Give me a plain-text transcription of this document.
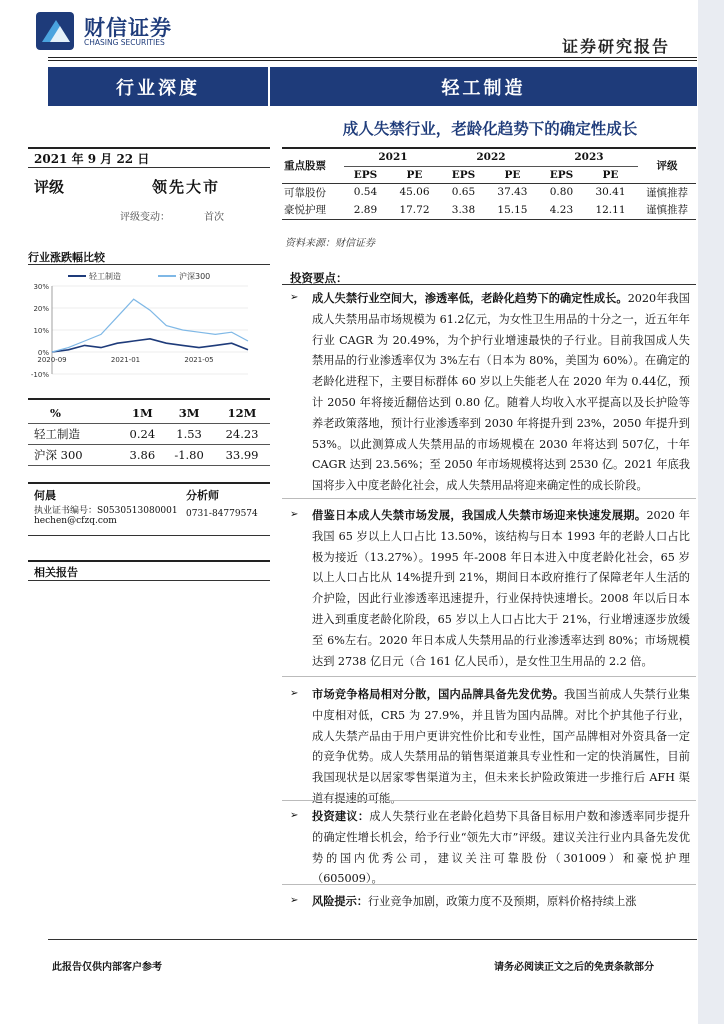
财信证券
CHASING SECURITIES	证券研究报告
行业深度	轻工制造
成人失禁行业，老龄化趋势下的确定性成长
2021 年 9 月 22 日
评级	领先大市
评级变动：	首次
行业涨跌幅比较
30%
20%
10%
0%
-10%
2020-09	2021-01	2021-05
轻工制造	沪深300
%	1M	3M	12M
轻工制造	0.24	1.53	24.23
沪深 300	3.86	-1.80	33.99
何晨	分析师
执业证书编号：S0530513080001 0731-84779574
hechen@cfzq.com
相关报告
重点股票	2021		2022		2023		评级
	EPS	PE	EPS	PE	EPS	PE	
可靠股份	0.54	45.06	0.65	37.43	0.80	30.41	谨慎推荐
豪悦护理	2.89	17.72	3.38	15.15	4.23	12.11	谨慎推荐
资料来源：财信证券
投资要点：
➢ 成人失禁行业空间大，渗透率低，老龄化趋势下的确定性成长。2020年我国成人失禁用品市场规模为 61.2亿元，为女性卫生用品的十分之一，近五年年行业 CAGR 为 20.49%，为个护行业增速最快的子行业。目前我国成人失禁用品的行业渗透率仅为 3%左右（日本为 80%，美国为 60%）。在确定的老龄化进程下，主要目标群体 60 岁以上失能老人在 2020 年为 0.44亿，预计 2050 年将接近翻倍达到 0.80 亿。随着人均收入水平提高以及长护险等养老政策落地，预计行业渗透率到 2030 年将提升到 23%，2050 年提升到 53%。以此测算成人失禁用品的市场规模在 2030 年将达到 507亿，十年 CAGR 达到 23.56%；至 2050 年市场规模将达到 2530 亿。2021 年底我国将步入中度老龄化社会，成人失禁用品将迎来确定性的成长阶段。

➢ 借鉴日本成人失禁市场发展，我国成人失禁市场迎来快速发展期。2020 年我国 65 岁以上人口占比 13.50%，该结构与日本 1993 年的老龄人口占比极为接近（13.27%）。1995 年-2008 年日本进入中度老龄化社会，65 岁以上人口占比从 14%提升到 21%，期间日本政府推行了保障老年人生活的介护险，因此行业渗透率迅速提升，行业保持快速增长。2008 年以后日本进入到重度老龄化阶段，65 岁以上人口占比大于 21%，行业增速逐步放缓至 6%左右。2020 年日本成人失禁用品的行业渗透率达到 80%；市场规模达到 2738 亿日元（合 161 亿人民币），是女性卫生用品的 2.2 倍。

➢ 市场竞争格局相对分散，国内品牌具备先发优势。我国当前成人失禁行业集中度相对低，CR5 为 27.9%，并且皆为国内品牌。对比个护其他子行业，成人失禁产品由于用户更讲究性价比和专业性，国产品牌相对外资具备一定的竞争优势。成人失禁用品的销售渠道兼具专业性和一定的快消属性，目前我国现状是以居家零售渠道为主，但未来长护险政策进一步推行后 AFH 渠道有提速的可能。

➢ 投资建议：成人失禁行业在老龄化趋势下具备目标用户数和渗透率同步提升的确定性增长机会，给予行业“领先大市”评级。建议关注行业内具备先发优势的国内优秀公司，建议关注可靠股份（301009）和豪悦护理（605009）。

➢ 风险提示：行业竞争加剧，政策力度不及预期，原料价格持续上涨

此报告仅供内部客户参考	请务必阅读正文之后的免责条款部分
